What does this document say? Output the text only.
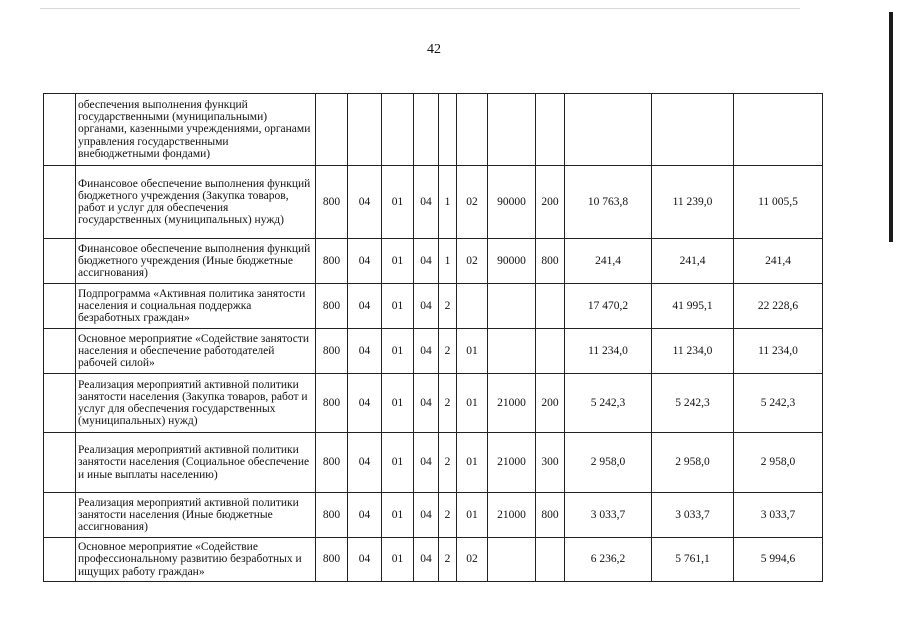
42
	обеспечения выполнения функций государственными (муниципальными) органами, казенными учреждениями, органами управления государственными внебюджетными фондами)											
	Финансовое обеспечение выполнения функций бюджетного учреждения (Закупка товаров, работ и услуг для обеспечения государственных (муниципальных) нужд)	800	04	01	04	1	02	90000	200	10 763,8	11 239,0	11 005,5
	Финансовое обеспечение выполнения функций бюджетного учреждения (Иные бюджетные ассигнования)	800	04	01	04	1	02	90000	800	241,4	241,4	241,4
	Подпрограмма «Активная политика занятости населения и социальная поддержка безработных граждан»	800	04	01	04	2				17 470,2	41 995,1	22 228,6
	Основное мероприятие «Содействие занятости населения и обеспечение работодателей рабочей силой»	800	04	01	04	2	01			11 234,0	11 234,0	11 234,0
	Реализация мероприятий активной политики занятости населения (Закупка товаров, работ и услуг для обеспечения государственных (муниципальных) нужд)	800	04	01	04	2	01	21000	200	5 242,3	5 242,3	5 242,3
	Реализация мероприятий активной политики занятости населения (Социальное обеспечение и иные выплаты населению)	800	04	01	04	2	01	21000	300	2 958,0	2 958,0	2 958,0
	Реализация мероприятий активной политики занятости населения (Иные бюджетные ассигнования)	800	04	01	04	2	01	21000	800	3 033,7	3 033,7	3 033,7
	Основное мероприятие «Содействие профессиональному развитию безработных и ищущих работу граждан»	800	04	01	04	2	02			6 236,2	5 761,1	5 994,6
